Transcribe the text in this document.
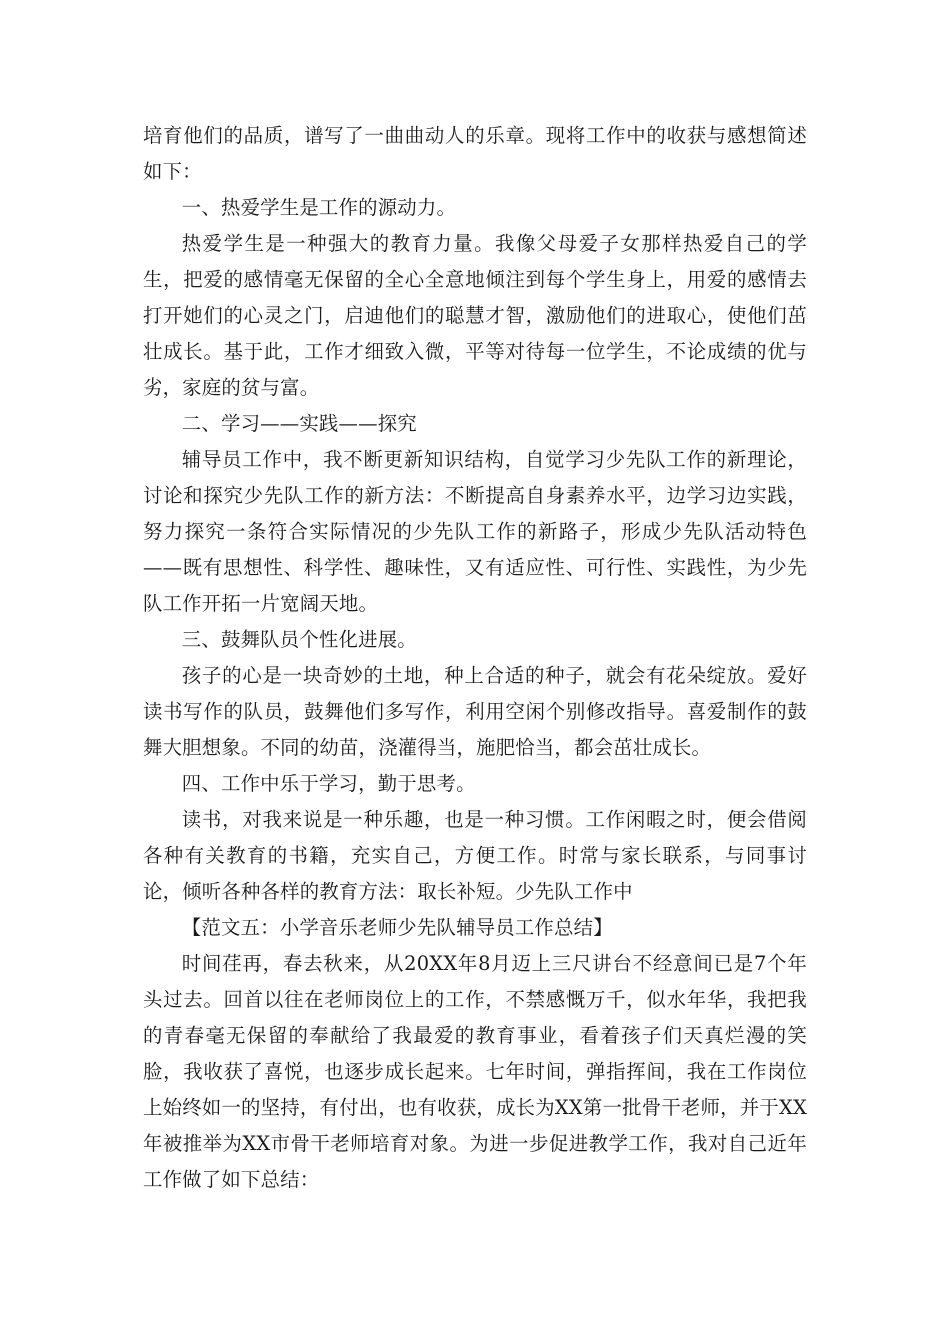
培育他们的品质，谱写了一曲曲动人的乐章。现将工作中的收获与感想简述如下：

一、热爱学生是工作的源动力。

热爱学生是一种强大的教育力量。我像父母爱子女那样热爱自己的学生，把爱的感情毫无保留的全心全意地倾注到每个学生身上，用爱的感情去打开她们的心灵之门，启迪他们的聪慧才智，激励他们的进取心，使他们茁壮成长。基于此，工作才细致入微，平等对待每一位学生，不论成绩的优与劣，家庭的贫与富。

二、学习——实践——探究

辅导员工作中，我不断更新知识结构，自觉学习少先队工作的新理论，讨论和探究少先队工作的新方法：不断提高自身素养水平，边学习边实践，努力探究一条符合实际情况的少先队工作的新路子，形成少先队活动特色——既有思想性、科学性、趣味性，又有适应性、可行性、实践性，为少先队工作开拓一片宽阔天地。

三、鼓舞队员个性化进展。

孩子的心是一块奇妙的土地，种上合适的种子，就会有花朵绽放。爱好读书写作的队员，鼓舞他们多写作，利用空闲个别修改指导。喜爱制作的鼓舞大胆想象。不同的幼苗，浇灌得当，施肥恰当，都会茁壮成长。

四、工作中乐于学习，勤于思考。

读书，对我来说是一种乐趣，也是一种习惯。工作闲暇之时，便会借阅各种有关教育的书籍，充实自己，方便工作。时常与家长联系，与同事讨论，倾听各种各样的教育方法：取长补短。少先队工作中

【范文五：小学音乐老师少先队辅导员工作总结】

时间荏再，春去秋来，从20XX年8月迈上三尺讲台不经意间已是7个年头过去。回首以往在老师岗位上的工作，不禁感慨万千，似水年华，我把我的青春毫无保留的奉献给了我最爱的教育事业，看着孩子们天真烂漫的笑脸，我收获了喜悦，也逐步成长起来。七年时间，弹指挥间，我在工作岗位上始终如一的坚持，有付出，也有收获，成长为XX第一批骨干老师，并于XX年被推举为XX市骨干老师培育对象。为进一步促进教学工作，我对自己近年工作做了如下总结：
